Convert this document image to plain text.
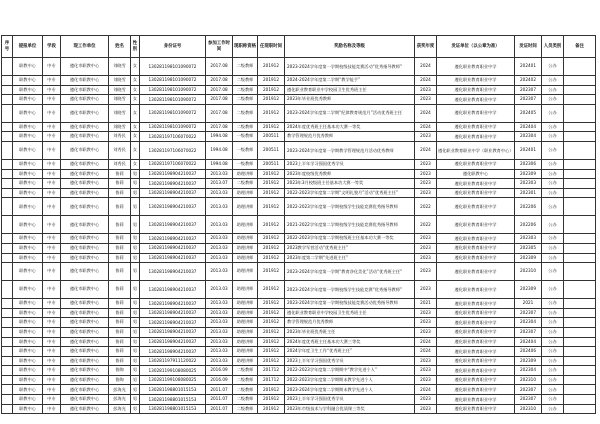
序号	提报单位	学段	现工作单位	姓名	性别	身份证号	参加工作时间	现职称资格	任现职时间	奖励名称及等级	获奖年度	发证单位（以公章为准）	发证时间	人员类别	备注
	职教中心	中专	遵化市职教中心	刘晓雪	女	130281198101090072	2017.08	二级教师	201912	2023-2024学年度第一学期校级技能竞赛活动“优秀指导教师”	2024	遵化职业教育职业中学	202401	公办	
	职教中心	中专	遵化市职教中心	刘晓雪	女	130281198101090072	2017.08	二级教师	201912	2024-2024学年度第二学期“教学能手”	2024	遵化职业教育职业中学	202402	公办	
	职教中心	中专	遵化市职教中心	刘晓雪	女	130281198101090072	2017.08	二级教师	201912	遵化职业教育职业中学校园卫生优秀班主任	2023	遵化职业教育职业中学	202307	公办	
	职教中心	中专	遵化市职教中心	刘晓雪	女	130281198101090072	2017.08	二级教师	201912	2023年毕业班优秀教师	2023	遵化职业教育职业中学	202307	公办	
	职教中心	中专	遵化市职教中心	刘晓雪	女	130281198101090072	2017.08	二级教师	201912	2023-2024学年度第二学期“纪律教育规范月”活动优秀班主任	2024	遵化职业教育职业中学	202405	公办	
	职教中心	中专	遵化市职教中心	刘晓雪	女	130281198101090072	2017.08	二级教师	201912	2024年度优秀班主任基本功大赛一等奖	2024	遵化职业教育职业中学	202404	公办	
	职教中心	中专	遵化市职教中心	刘秀民	女	130281197106070022	1994.08	一级教师	200511	教学管理规范月优秀教师	2023	遵化职业教育职业中学	202304	公办	
	职教中心	中专	遵化市职教中心	刘秀民	女	130281197106070022	1994.08	一级教师	200511	2023-2024学年度第一学期教学管理规范月活动优秀教师	2024	遵化职业教育职业中学（职业教育中心）	202401	公办	
	职教中心	中专	遵化市职教中心	刘秀民	女	130281197106070022	1994.08	一级教师	200511	2023上半年学习强国优秀学员	2023	遵化职业教育职业中学	202306	公办	
	职教中心	中专	遵化市职教中心	鲁莉	男	130281198904210037	2013.03	助理讲师	201912	2023年度校级优秀教师	2023	遵化职教中心	202309	公办	
	职教中心	中专	遵化市职教中心	鲁莉	男	130281198904210037	2013.07	二级教师	201912	2023年3月校级班主任基本功大赛一等奖	2023	遵化职业教育职业中学	202303	公办	
	职教中心	中专	遵化市职教中心	鲁莉	男	130281198904210037	2013.03	助理讲师	201912	2022-2023学年度第二学期“文明礼貌月”活动“优秀班主任”	2023	遵化职业教育职业中学	202301	公办	
	职教中心	中专	遵化市职教中心	鲁莉	男	130281198904210037	2013.03	助理讲师	201912	2022-2023学年度第一学期校级学生技能竞赛优秀指导教师	2022	遵化职业教育职业中学	202206	公办	
	职教中心	中专	遵化市职教中心	鲁莉	男	130281198904210037	2013.03	助理讲师	201912	2021-2022学年度第二学期校级学生技能竞赛优秀指导教师	2022	遵化职业教育职业中学	202206	公办	
	职教中心	中专	遵化市职教中心	鲁莉	男	130281198904210037	2013.03	助理讲师	201912	2022-2023学年度第二学期校级班主任基本功大赛一等奖	2023	遵化职业教育职业中学	202303	公办	
	职教中心	中专	遵化市职教中心	鲁莉	男	130281198904210037	2013.03	助理讲师	201912	2023教学军营活动“优秀班主任”	2023	遵化职业教育职业中学	202305	公办	
	职教中心	中专	遵化市职教中心	鲁莉	男	130281198904210037	2013.03	助理讲师	201912	2023年度第二学期“先进班主任”	2023	遵化职业教育职业中学	202309	公办	
	职教中心	中专	遵化市职教中心	鲁莉	男	130281198904210037	2013.03	助理讲师	201912	2023-2024学年度第一学期“教育净化美化”活动“优秀班主任”	2023	遵化职业教育职业中学	202310	公办	
	职教中心	中专	遵化市职教中心	鲁莉	男	130281198904210037	2013.03	助理讲师	201912	2023-2024学年度第一学期校级学生技能竞赛“优秀指导教师”	2023	遵化职业教育职业中学	202309	公办	
	职教中心	中专	遵化市职教中心	鲁莉	男	130281198904210037	2013.03	助理讲师	201912	2023-2024学年度第一学期校级技能竞赛活动优秀指导教师	2021	遵化职业教育职业中学	2021	公办	
	职教中心	中专	遵化市职教中心	鲁莉	男	130281198904210037	2013.03	助理讲师	201912	遵化职业教育职业中学校园卫生优秀班主任	2023	遵化职业教育职业中学	202307	公办	
	职教中心	中专	遵化市职教中心	鲁莉	男	130281198904210037	2013.03	助理讲师	201912	教学管理规范月优秀教师	2023	遵化职业教育职业中学	202304	公办	
	职教中心	中专	遵化市职教中心	鲁莉	男	130281198904210037	2013.03	助理讲师	201912	2023年毕业班优秀班主任	2023	遵化职业教育职业中学	202307	公办	
	职教中心	中专	遵化市职教中心	鲁莉	男	130281198904210037	2013.03	助理讲师	201912	2024年度优秀班主任基本功大赛三等奖	2024	遵化职业教育职业中学	202404	公办	
	职教中心	中专	遵化市职教中心	鲁莉	男	130281198904210037	2013.03	助理讲师	201912	2024学年度卫生工作“优秀班主任”	2024	遵化职业教育职业中学	202406	公办	
	职教中心	中专	遵化市职教中心	鲁莉	男	130281197911120022	2013.03	助理讲师	201912	2023上半年学习强国优秀学员	2023	遵化职业教育职业中学	202309	公办	
	职教中心	中专	遵化市职教中心	鲁陶	男	130281199108080025	2016.09	二级教师	201712	2022-2023学年度第二学期期中“教学先进个人”	2023	遵化职业教育职业中学	202304	公办	
	职教中心	中专	遵化市职教中心	鲁陶	男	130281199108080025	2016.09	二级教师	201712	2022-2023学年度第二学期期末教学先进个人	2023	遵化职业教育职业中学	202310	公办	
	职教中心	中专	遵化市职教中心	彭海光	男	130281198801015153	2011.07	二级教师	201912	2023-2024学年度第二学期期末教学先进个人	2024	遵化职业教育职业中学	202307	公办	
	职教中心	中专	遵化市职教中心	彭海光	男	130281198801015153	2011.07	二级教师	201912	2023上半年学习强国优秀学员	2023	遵化职业教育职业中学	202307	公办	
	职教中心	中专	遵化市职教中心	彭海光	男	130281198801015153	2011.07	二级教师	201912	2023年市级技术与学科融合优质课三等奖	2023	遵化职业教育职业中学	202310	公办	
